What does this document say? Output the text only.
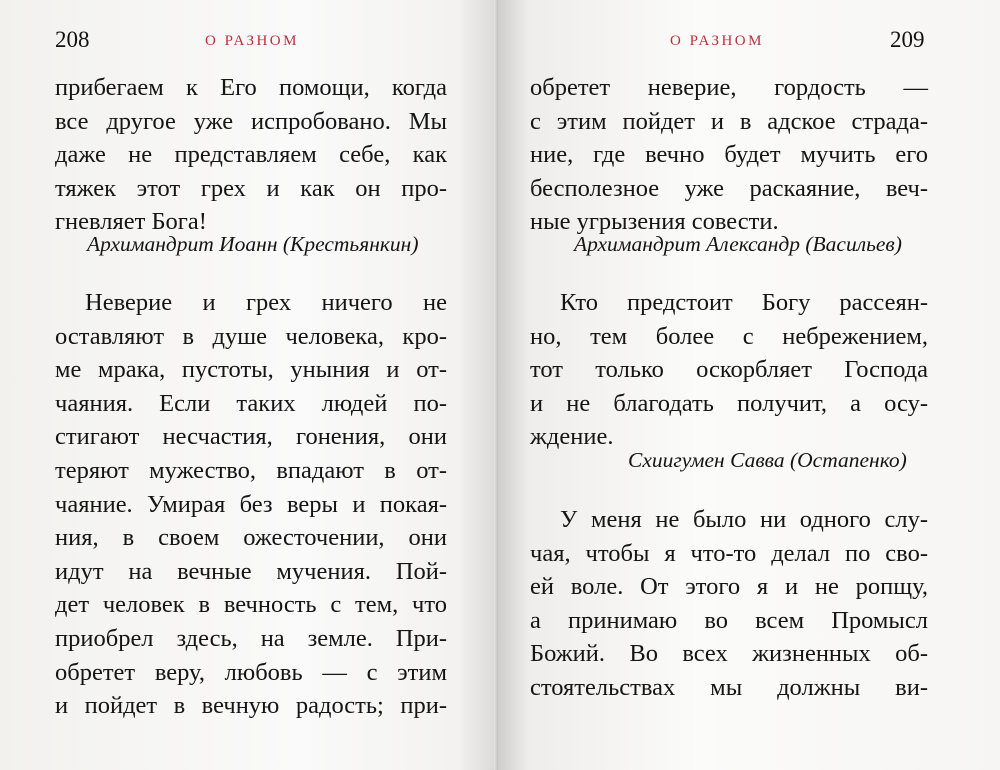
208	О РАЗНОМ
прибегаем к Его помощи, когда
все другое уже испробовано. Мы
даже не представляем себе, как
тяжек этот грех и как он про-
гневляет Бога!
Архимандрит Иоанн (Крестьянкин)
Неверие и грех ничего не
оставляют в душе человека, кро-
ме мрака, пустоты, уныния и от-
чаяния. Если таких людей по-
стигают несчастия, гонения, они
теряют мужество, впадают в от-
чаяние. Умирая без веры и покая-
ния, в своем ожесточении, они
идут на вечные мучения. Пой-
дет человек в вечность с тем, что
приобрел здесь, на земле. При-
обретет веру, любовь — с этим
и пойдет в вечную радость; при-
209
О РАЗНОМ
обретет неверие, гордость —
с этим пойдет и в адское страда-
ние, где вечно будет мучить его
бесполезное уже раскаяние, веч-
ные угрызения совести.
Архимандрит Александр (Васильев)
Кто предстоит Богу рассеян-
но, тем более с небрежением,
тот только оскорбляет Господа
и не благодать получит, а осу-
ждение.
Схиигумен Савва (Остапенко)
У меня не было ни одного слу-
чая, чтобы я что-то делал по сво-
ей воле. От этого я и не ропщу,
а принимаю во всем Промысл
Божий. Во всех жизненных об-
стоятельствах мы должны ви-
